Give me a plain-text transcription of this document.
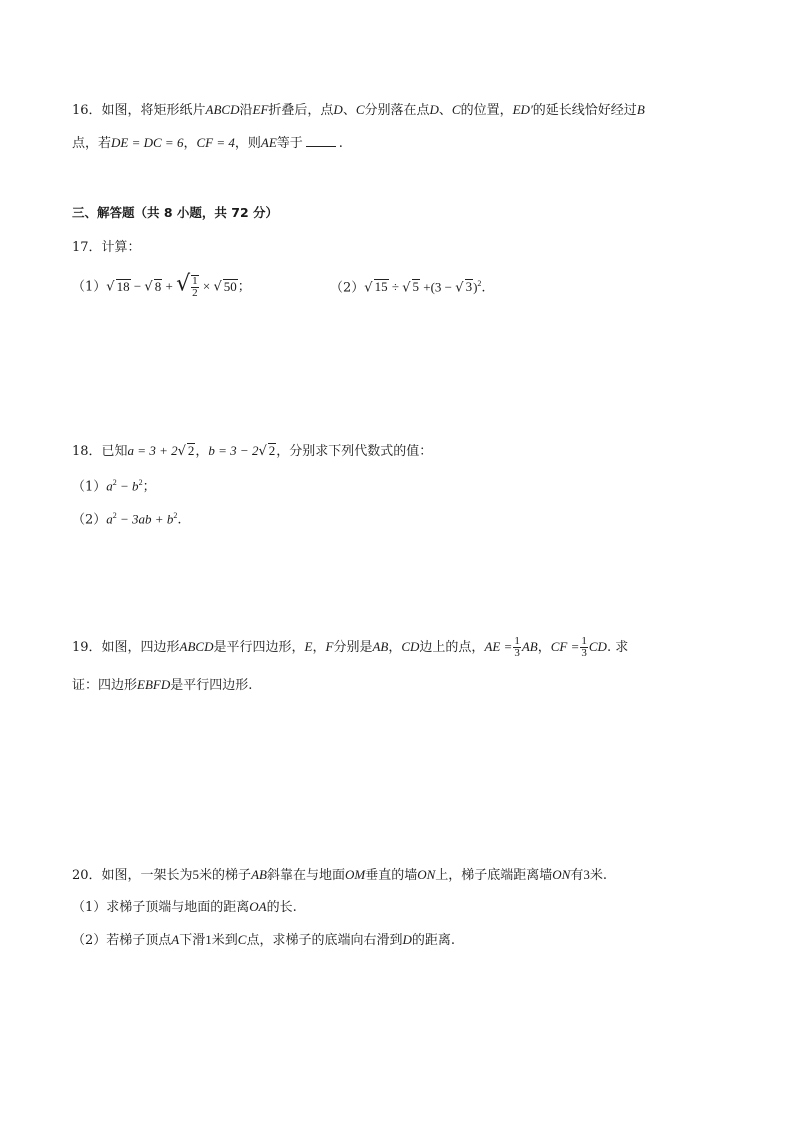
16．如图，将矩形纸片ABCD沿EF折叠后，点D、C分别落在点D、C的位置，ED′的延长线恰好经过B
点，若DE = DC = 6，CF = 4，则AE等于	.
三、解答题（共 8 小题，共 72 分）
17．计算：
（1）√ 18 − √ 8 + √ $\frac{1}{2}$ × √ 50；	（2）√ 15 ÷ √ 5 +(3 − √ 3)$^2$.
18．已知a = 3 + 2√ 2，b = 3 − 2√ 2，分别求下列代数式的值：
$(1)a^2 - b^2$；
$(2)a^2 - 3ab + b^2$.
19．如图，四边形ABCD是平行四边形，E，F分别是AB，CD边上的点，AE = $\frac{1}{3}$ AB，CF = $\frac{1}{3}$ CD. 求
证：四边形EBFD是平行四边形.
20．如图，一架长为5米的梯子AB斜靠在与地面OM垂直的墙ON上，梯子底端距离墙ON有3米.
（1）求梯子顶端与地面的距离OA的长.
（2）若梯子顶点A下滑1米到C点，求梯子的底端向右滑到D的距离.
